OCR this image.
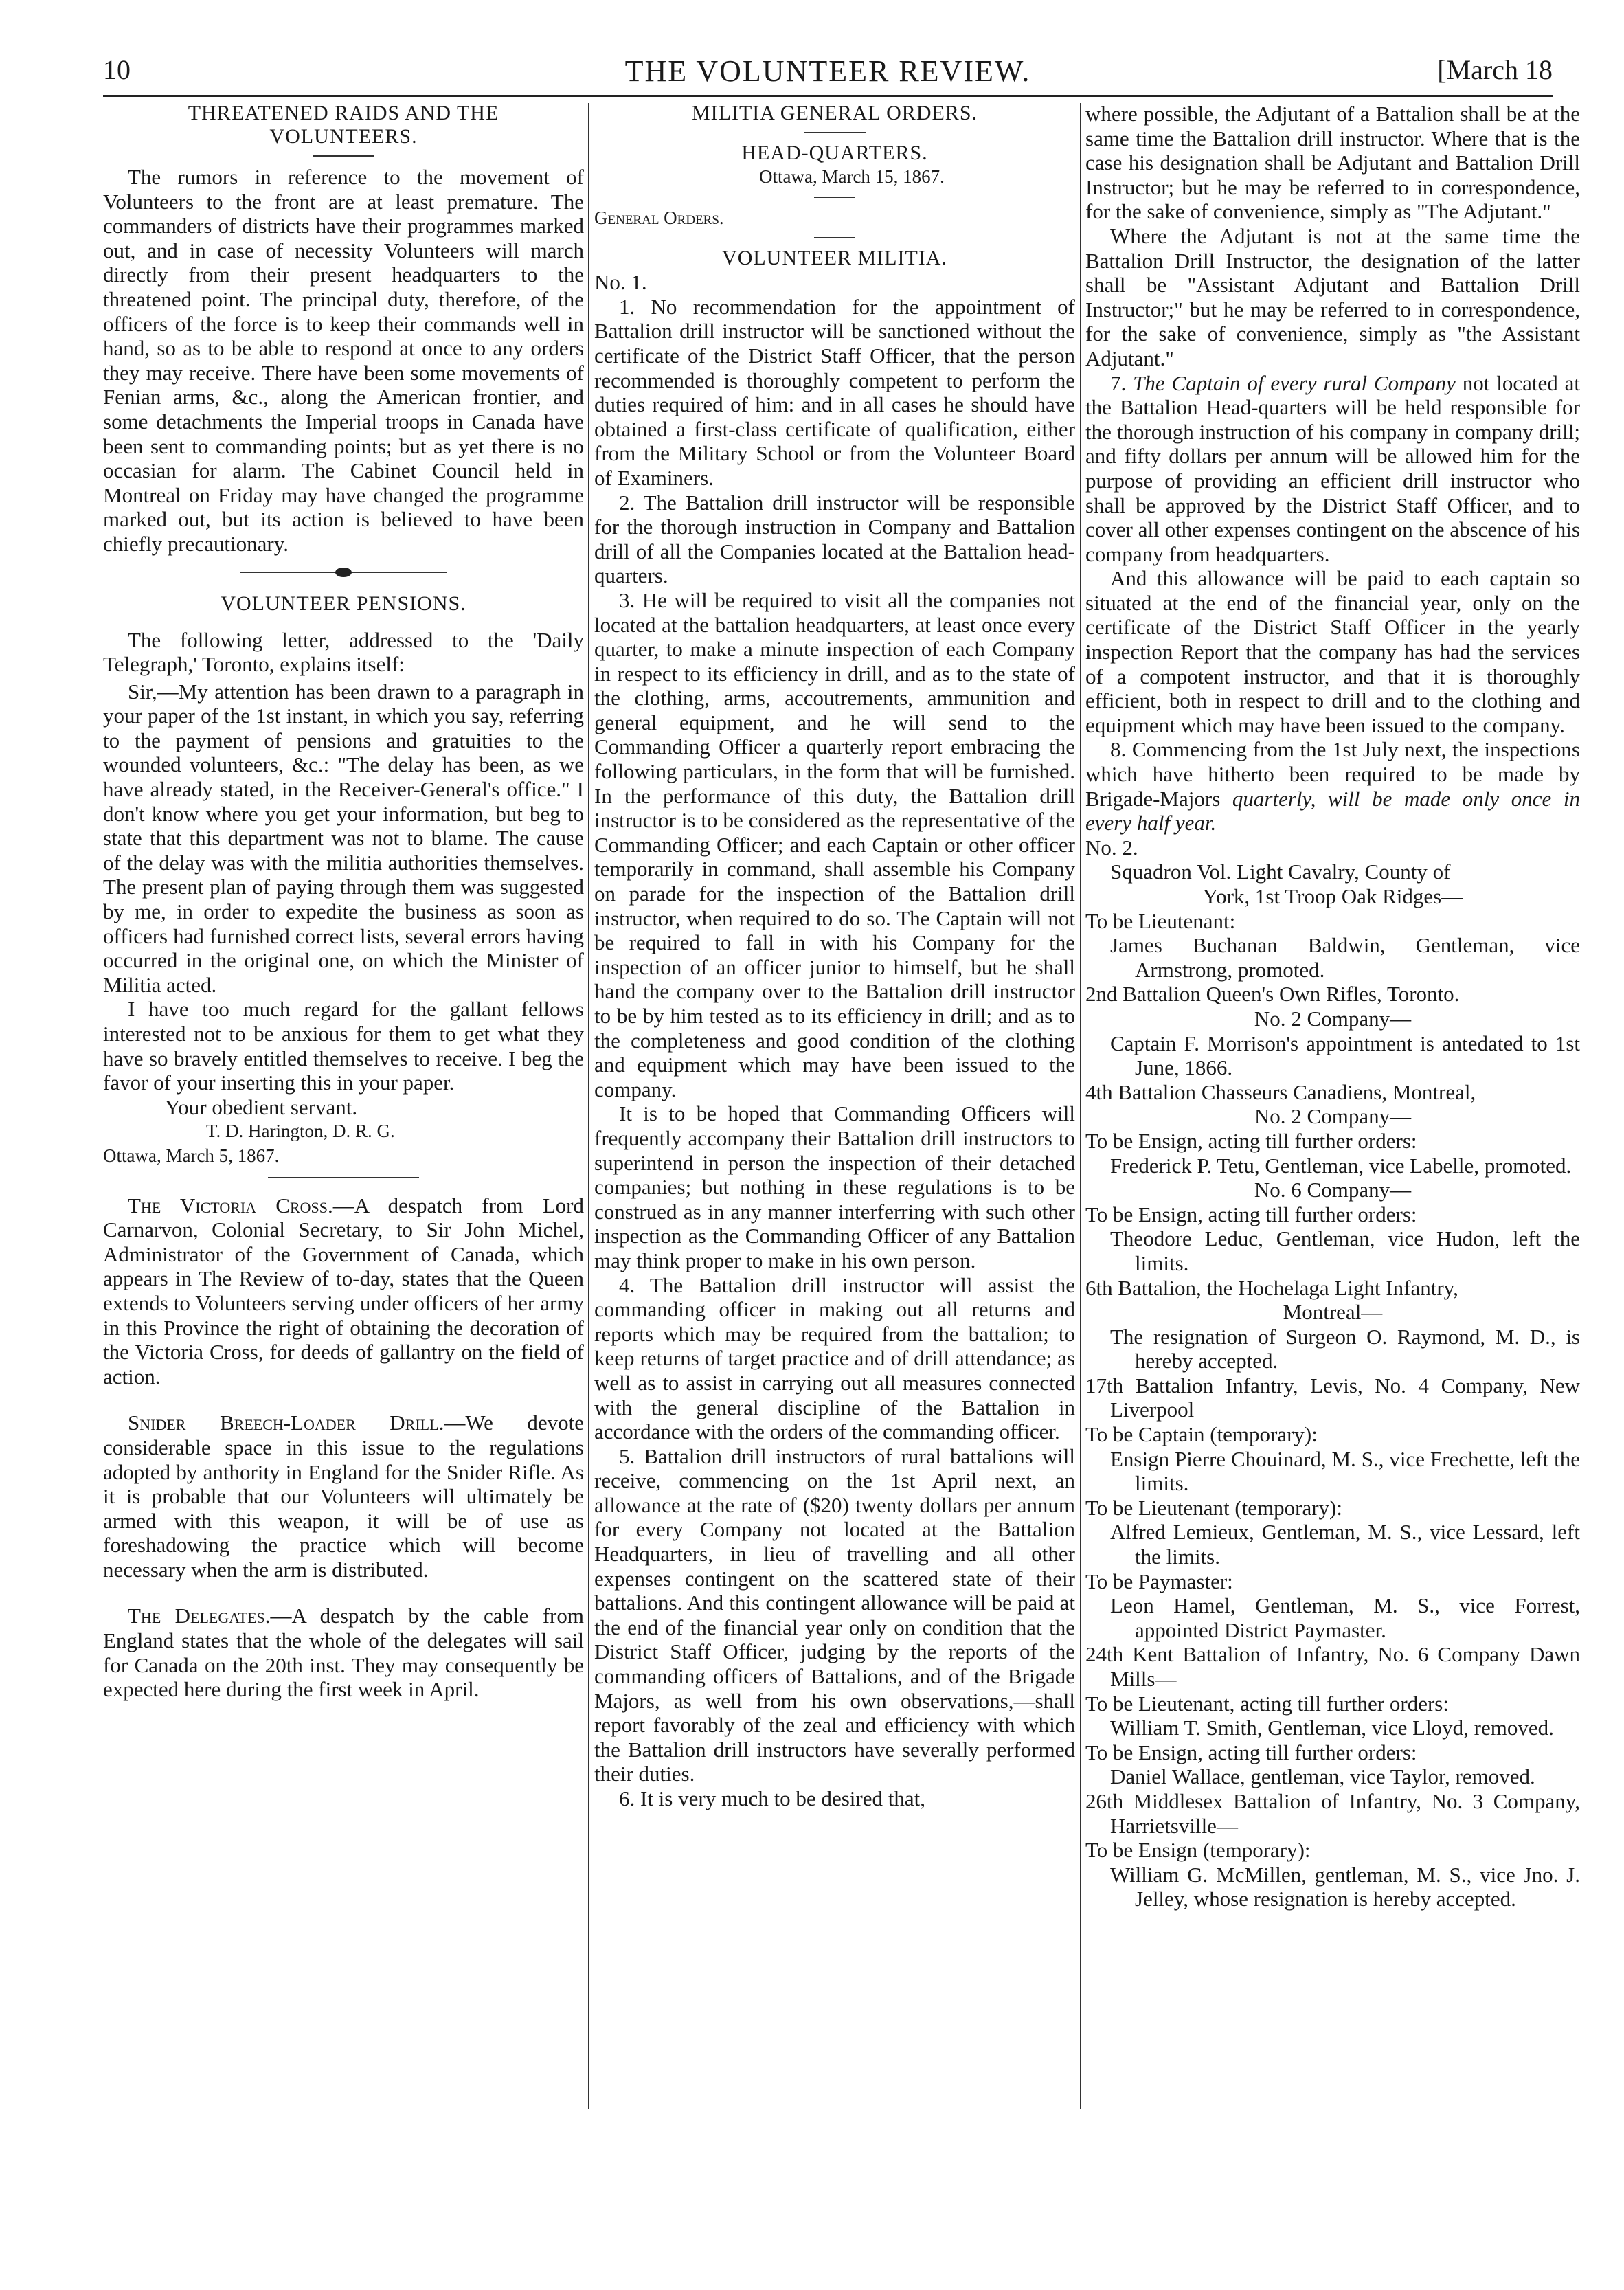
10	THE VOLUNTEER REVIEW.	[March 18

THREATENED RAIDS AND THE VOLUNTEERS.

The rumors in reference to the movement of Volunteers to the front are at least premature. The commanders of districts have their programmes marked out, and in case of necessity Volunteers will march directly from their present headquarters to the threatened point. The principal duty, therefore, of the officers of the force is to keep their commands well in hand, so as to be able to respond at once to any orders they may receive. There have been some movements of Fenian arms, &c., along the American frontier, and some detachments the Imperial troops in Canada have been sent to commanding points; but as yet there is no occasian for alarm. The Cabinet Council held in Montreal on Friday may have changed the programme marked out, but its action is believed to have been chiefly precautionary.

VOLUNTEER PENSIONS.

The following letter, addressed to the 'Daily Telegraph,' Toronto, explains itself:

Sir,—My attention has been drawn to a paragraph in your paper of the 1st instant, in which you say, referring to the payment of pensions and gratuities to the wounded volunteers, &c.: "The delay has been, as we have already stated, in the Receiver-General's office." I don't know where you get your information, but beg to state that this department was not to blame. The cause of the delay was with the militia authorities themselves. The present plan of paying through them was suggested by me, in order to expedite the business as soon as officers had furnished correct lists, several errors having occurred in the original one, on which the Minister of Militia acted.

I have too much regard for the gallant fellows interested not to be anxious for them to get what they have so bravely entitled themselves to receive. I beg the favor of your inserting this in your paper.

Your obedient servant.

T. D. Harington, D. R. G.

Ottawa, March 5, 1867.

The Victoria Cross.—A despatch from Lord Carnarvon, Colonial Secretary, to Sir John Michel, Administrator of the Government of Canada, which appears in The Review of to-day, states that the Queen extends to Volunteers serving under officers of her army in this Province the right of obtaining the decoration of the Victoria Cross, for deeds of gallantry on the field of action.

Snider Breech-Loader Drill.—We devote considerable space in this issue to the regulations adopted by anthority in England for the Snider Rifle. As it is probable that our Volunteers will ultimately be armed with this weapon, it will be of use as foreshadowing the practice which will become necessary when the arm is distributed.

The Delegates.—A despatch by the cable from England states that the whole of the delegates will sail for Canada on the 20th inst. They may consequently be expected here during the first week in April.

MILITIA GENERAL ORDERS.

HEAD-QUARTERS.

Ottawa, March 15, 1867.

General Orders.

VOLUNTEER MILITIA.

No. 1.

1. No recommendation for the appointment of Battalion drill instructor will be sanctioned without the certificate of the District Staff Officer, that the person recommended is thoroughly competent to perform the duties required of him: and in all cases he should have obtained a first-class certificate of qualification, either from the Military School or from the Volunteer Board of Examiners.

2. The Battalion drill instructor will be responsible for the thorough instruction in Company and Battalion drill of all the Companies located at the Battalion head-quarters.

3. He will be required to visit all the companies not located at the battalion headquarters, at least once every quarter, to make a minute inspection of each Company in respect to its efficiency in drill, and as to the state of the clothing, arms, accoutrements, ammunition and general equipment, and he will send to the Commanding Officer a quarterly report embracing the following particulars, in the form that will be furnished. In the performance of this duty, the Battalion drill instructor is to be considered as the representative of the Commanding Officer; and each Captain or other officer temporarily in command, shall assemble his Company on parade for the inspection of the Battalion drill instructor, when required to do so. The Captain will not be required to fall in with his Company for the inspection of an officer junior to himself, but he shall hand the company over to the Battalion drill instructor to be by him tested as to its efficiency in drill; and as to the completeness and good condition of the clothing and equipment which may have been issued to the company.

It is to be hoped that Commanding Officers will frequently accompany their Battalion drill instructors to superintend in person the inspection of their detached companies; but nothing in these regulations is to be construed as in any manner interferring with such other inspection as the Commanding Officer of any Battalion may think proper to make in his own person.

4. The Battalion drill instructor will assist the commanding officer in making out all returns and reports which may be required from the battalion; to keep returns of target practice and of drill attendance; as well as to assist in carrying out all measures connected with the general discipline of the Battalion in accordance with the orders of the commanding officer.

5. Battalion drill instructors of rural battalions will receive, commencing on the 1st April next, an allowance at the rate of ($20) twenty dollars per annum for every Company not located at the Battalion Headquarters, in lieu of travelling and all other expenses contingent on the scattered state of their battalions. And this contingent allowance will be paid at the end of the financial year only on condition that the District Staff Officer, judging by the reports of the commanding officers of Battalions, and of the Brigade Majors, as well from his own observations,—shall report favorably of the zeal and efficiency with which the Battalion drill instructors have severally performed their duties.

6. It is very much to be desired that,

where possible, the Adjutant of a Battalion shall be at the same time the Battalion drill instructor. Where that is the case his designation shall be Adjutant and Battalion Drill Instructor; but he may be referred to in correspondence, for the sake of convenience, simply as "The Adjutant."

Where the Adjutant is not at the same time the Battalion Drill Instructor, the designation of the latter shall be "Assistant Adjutant and Battalion Drill Instructor;" but he may be referred to in correspondence, for the sake of convenience, simply as "the Assistant Adjutant."

7. The Captain of every rural Company not located at the Battalion Head-quarters will be held responsible for the thorough instruction of his company in company drill; and fifty dollars per annum will be allowed him for the purpose of providing an efficient drill instructor who shall be approved by the District Staff Officer, and to cover all other expenses contingent on the abscence of his company from headquarters.

And this allowance will be paid to each captain so situated at the end of the financial year, only on the certificate of the District Staff Officer in the yearly inspection Report that the company has had the services of a compotent instructor, and that it is thoroughly efficient, both in respect to drill and to the clothing and equipment which may have been issued to the company.

8. Commencing from the 1st July next, the inspections which have hitherto been required to be made by Brigade-Majors quarterly, will be made only once in every half year.

No. 2.

Squadron Vol. Light Cavalry, County of

York, 1st Troop Oak Ridges—

To be Lieutenant:

James Buchanan Baldwin, Gentleman, vice Armstrong, promoted.

2nd Battalion Queen's Own Rifles, Toronto.

No. 2 Company—

Captain F. Morrison's appointment is antedated to 1st June, 1866.

4th Battalion Chasseurs Canadiens, Montreal,

No. 2 Company—

To be Ensign, acting till further orders:

Frederick P. Tetu, Gentleman, vice Labelle, promoted.

No. 6 Company—

To be Ensign, acting till further orders:

Theodore Leduc, Gentleman, vice Hudon, left the limits.

6th Battalion, the Hochelaga Light Infantry,

Montreal—

The resignation of Surgeon O. Raymond, M. D., is hereby accepted.

17th Battalion Infantry, Levis, No. 4 Company, New Liverpool

To be Captain (temporary):

Ensign Pierre Chouinard, M. S., vice Frechette, left the limits.

To be Lieutenant (temporary):

Alfred Lemieux, Gentleman, M. S., vice Lessard, left the limits.

To be Paymaster:

Leon Hamel, Gentleman, M. S., vice Forrest, appointed District Paymaster.

24th Kent Battalion of Infantry, No. 6 Company Dawn Mills—

To be Lieutenant, acting till further orders:

William T. Smith, Gentleman, vice Lloyd, removed.

To be Ensign, acting till further orders:

Daniel Wallace, gentleman, vice Taylor, removed.

26th Middlesex Battalion of Infantry, No. 3 Company, Harrietsville—

To be Ensign (temporary):

William G. McMillen, gentleman, M. S., vice Jno. J. Jelley, whose resignation is hereby accepted.
